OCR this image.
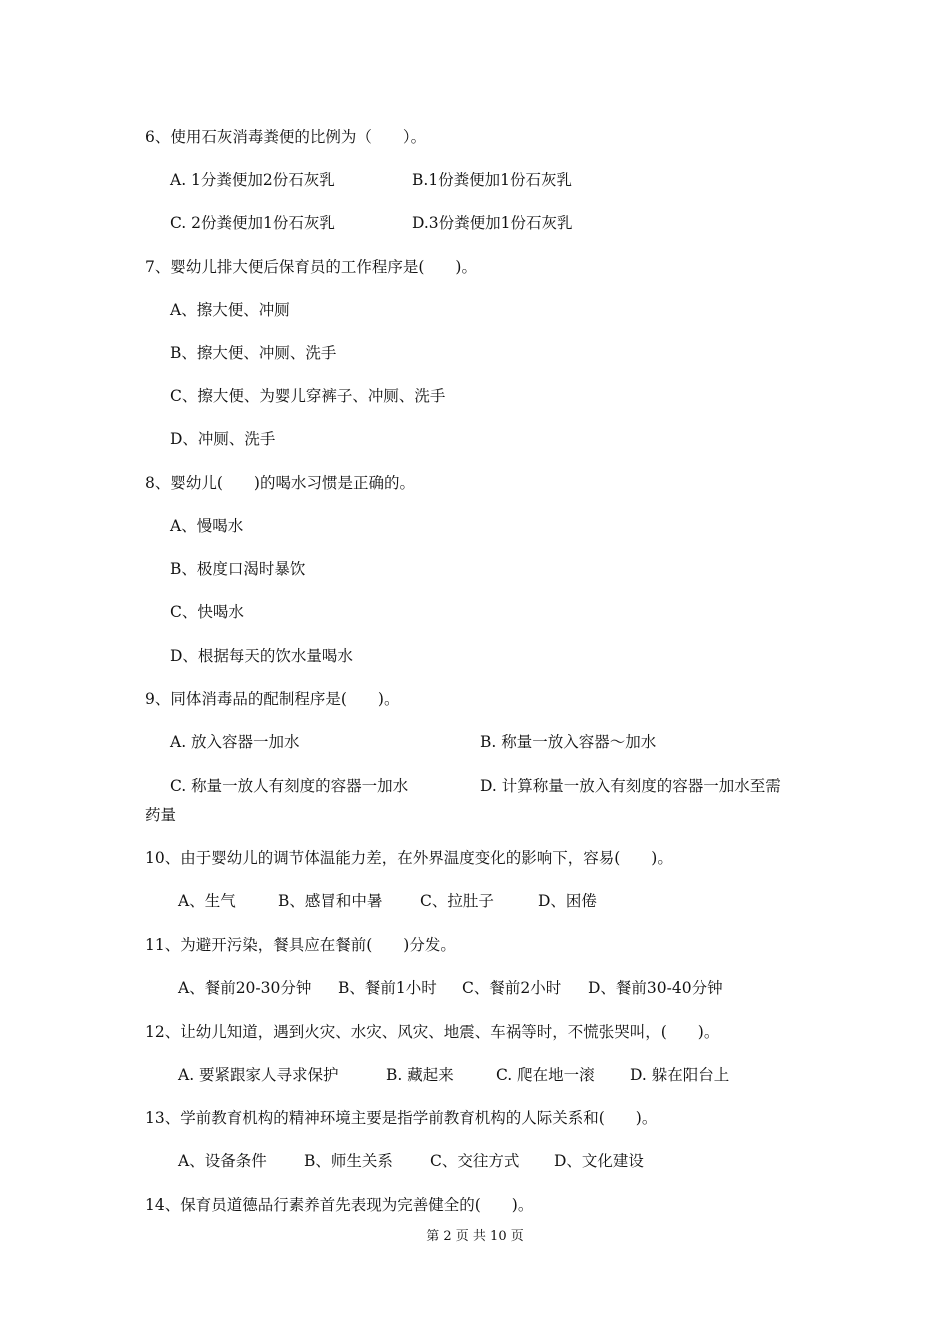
6、使用石灰消毒粪便的比例为（　　）。
A. 1分粪便加2份石灰乳	B.1份粪便加1份石灰乳
C. 2份粪便加1份石灰乳	D.3份粪便加1份石灰乳
7、婴幼儿排大便后保育员的工作程序是(　　)。
A、擦大便、冲厕
B、擦大便、冲厕、洗手
C、擦大便、为婴儿穿裤子、冲厕、洗手
D、冲厕、洗手
8、婴幼儿(　　)的喝水习惯是正确的。
A、慢喝水
B、极度口渴时暴饮
C、快喝水
D、根据每天的饮水量喝水
9、同体消毒品的配制程序是(　　)。
A. 放入容器一加水	B. 称量一放入容器～加水
C. 称量一放人有刻度的容器一加水	D. 计算称量一放入有刻度的容器一加水至需
药量
10、由于婴幼儿的调节体温能力差，在外界温度变化的影响下，容易(　　)。
A、生气	B、感冒和中暑 C、拉肚子	D、困倦
11、为避开污染，餐具应在餐前(　　)分发。
A、餐前20-30分钟 B、餐前1小时 C、餐前2小时 D、餐前30-40分钟
12、让幼儿知道，遇到火灾、水灾、风灾、地震、车祸等时，不慌张哭叫，(　　)。
A. 要紧跟家人寻求保护	B. 藏起来	C. 爬在地一滚 D. 躲在阳台上
13、学前教育机构的精神环境主要是指学前教育机构的人际关系和(　　)。
A、设备条件 B、师生关系 C、交往方式 D、文化建设
14、保育员道德品行素养首先表现为完善健全的(　　)。
第 2 页 共 10 页
